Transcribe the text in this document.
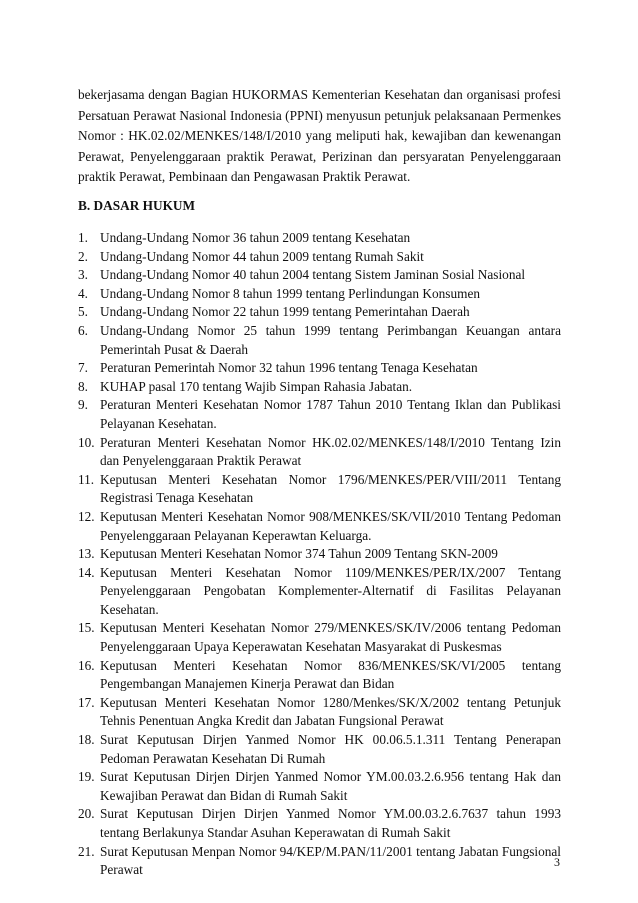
bekerjasama dengan Bagian HUKORMAS Kementerian Kesehatan dan organisasi profesi Persatuan Perawat Nasional Indonesia (PPNI) menyusun petunjuk pelaksanaan Permenkes Nomor : HK.02.02/MENKES/148/I/2010 yang meliputi hak, kewajiban dan kewenangan Perawat, Penyelenggaraan praktik Perawat, Perizinan dan persyaratan Penyelenggaraan praktik Perawat, Pembinaan dan Pengawasan Praktik Perawat.

B. DASAR HUKUM
1. Undang-Undang Nomor 36 tahun 2009 tentang Kesehatan
2. Undang-Undang Nomor 44 tahun 2009 tentang Rumah Sakit
3. Undang-Undang Nomor 40 tahun 2004 tentang Sistem Jaminan Sosial Nasional
4. Undang-Undang Nomor 8 tahun 1999 tentang Perlindungan Konsumen
5. Undang-Undang Nomor 22 tahun 1999 tentang Pemerintahan Daerah
6. Undang-Undang Nomor 25 tahun 1999 tentang Perimbangan Keuangan antara Pemerintah Pusat & Daerah
7. Peraturan Pemerintah Nomor 32 tahun 1996 tentang Tenaga Kesehatan
8. KUHAP pasal 170 tentang Wajib Simpan Rahasia Jabatan.
9. Peraturan Menteri Kesehatan Nomor 1787 Tahun 2010 Tentang Iklan dan Publikasi Pelayanan Kesehatan.
10. Peraturan Menteri Kesehatan Nomor HK.02.02/MENKES/148/I/2010 Tentang Izin dan Penyelenggaraan Praktik Perawat
11. Keputusan Menteri Kesehatan Nomor 1796/MENKES/PER/VIII/2011 Tentang Registrasi Tenaga Kesehatan
12. Keputusan Menteri Kesehatan Nomor 908/MENKES/SK/VII/2010 Tentang Pedoman Penyelenggaraan Pelayanan Keperawtan Keluarga.
13. Keputusan Menteri Kesehatan Nomor 374 Tahun 2009 Tentang SKN-2009
14. Keputusan Menteri Kesehatan Nomor 1109/MENKES/PER/IX/2007 Tentang Penyelenggaraan Pengobatan Komplementer-Alternatif di Fasilitas Pelayanan Kesehatan.
15. Keputusan Menteri Kesehatan Nomor 279/MENKES/SK/IV/2006 tentang Pedoman Penyelenggaraan Upaya Keperawatan Kesehatan Masyarakat di Puskesmas
16. Keputusan Menteri Kesehatan Nomor 836/MENKES/SK/VI/2005 tentang Pengembangan Manajemen Kinerja Perawat dan Bidan
17. Keputusan Menteri Kesehatan Nomor 1280/Menkes/SK/X/2002 tentang Petunjuk Tehnis Penentuan Angka Kredit dan Jabatan Fungsional Perawat
18. Surat Keputusan Dirjen Yanmed Nomor HK 00.06.5.1.311 Tentang Penerapan Pedoman Perawatan Kesehatan Di Rumah
19. Surat Keputusan Dirjen Dirjen Yanmed Nomor YM.00.03.2.6.956 tentang Hak dan Kewajiban Perawat dan Bidan di Rumah Sakit
20. Surat Keputusan Dirjen Dirjen Yanmed Nomor YM.00.03.2.6.7637 tahun 1993 tentang Berlakunya Standar Asuhan Keperawatan di Rumah Sakit
21. Surat Keputusan Menpan Nomor 94/KEP/M.PAN/11/2001 tentang Jabatan Fungsional Perawat
3
